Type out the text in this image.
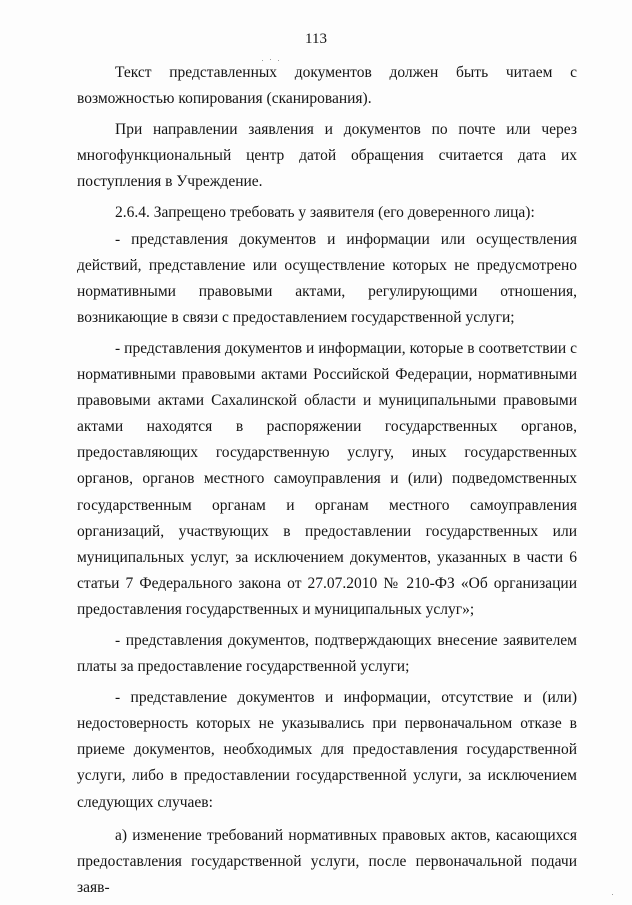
113

Текст представленных документов должен быть читаем с возможностью копирования (сканирования).

При направлении заявления и документов по почте или через многофункциональный центр датой обращения считается дата их поступления в Учреждение.

2.6.4. Запрещено требовать у заявителя (его доверенного лица):

- представления документов и информации или осуществления действий, представление или осуществление которых не предусмотрено нормативными правовыми актами, регулирующими отношения, возникающие в связи с предоставлением государственной услуги;

- представления документов и информации, которые в соответствии с нормативными правовыми актами Российской Федерации, нормативными правовыми актами Сахалинской области и муниципальными правовыми актами находятся в распоряжении государственных органов, предоставляющих государственную услугу, иных государственных органов, органов местного самоуправления и (или) подведомственных государственным органам и органам местного самоуправления организаций, участвующих в предоставлении государственных или муниципальных услуг, за исключением документов, указанных в части 6 статьи 7 Федерального закона от 27.07.2010 № 210-ФЗ «Об организации предоставления государственных и муниципальных услуг»;

- представления документов, подтверждающих внесение заявителем платы за предоставление государственной услуги;

- представление документов и информации, отсутствие и (или) недостоверность которых не указывались при первоначальном отказе в приеме документов, необходимых для предоставления государственной услуги, либо в предоставлении государственной услуги, за исключением следующих случаев:

а) изменение требований нормативных правовых актов, касающихся предоставления государственной услуги, после первоначальной подачи заяв-
